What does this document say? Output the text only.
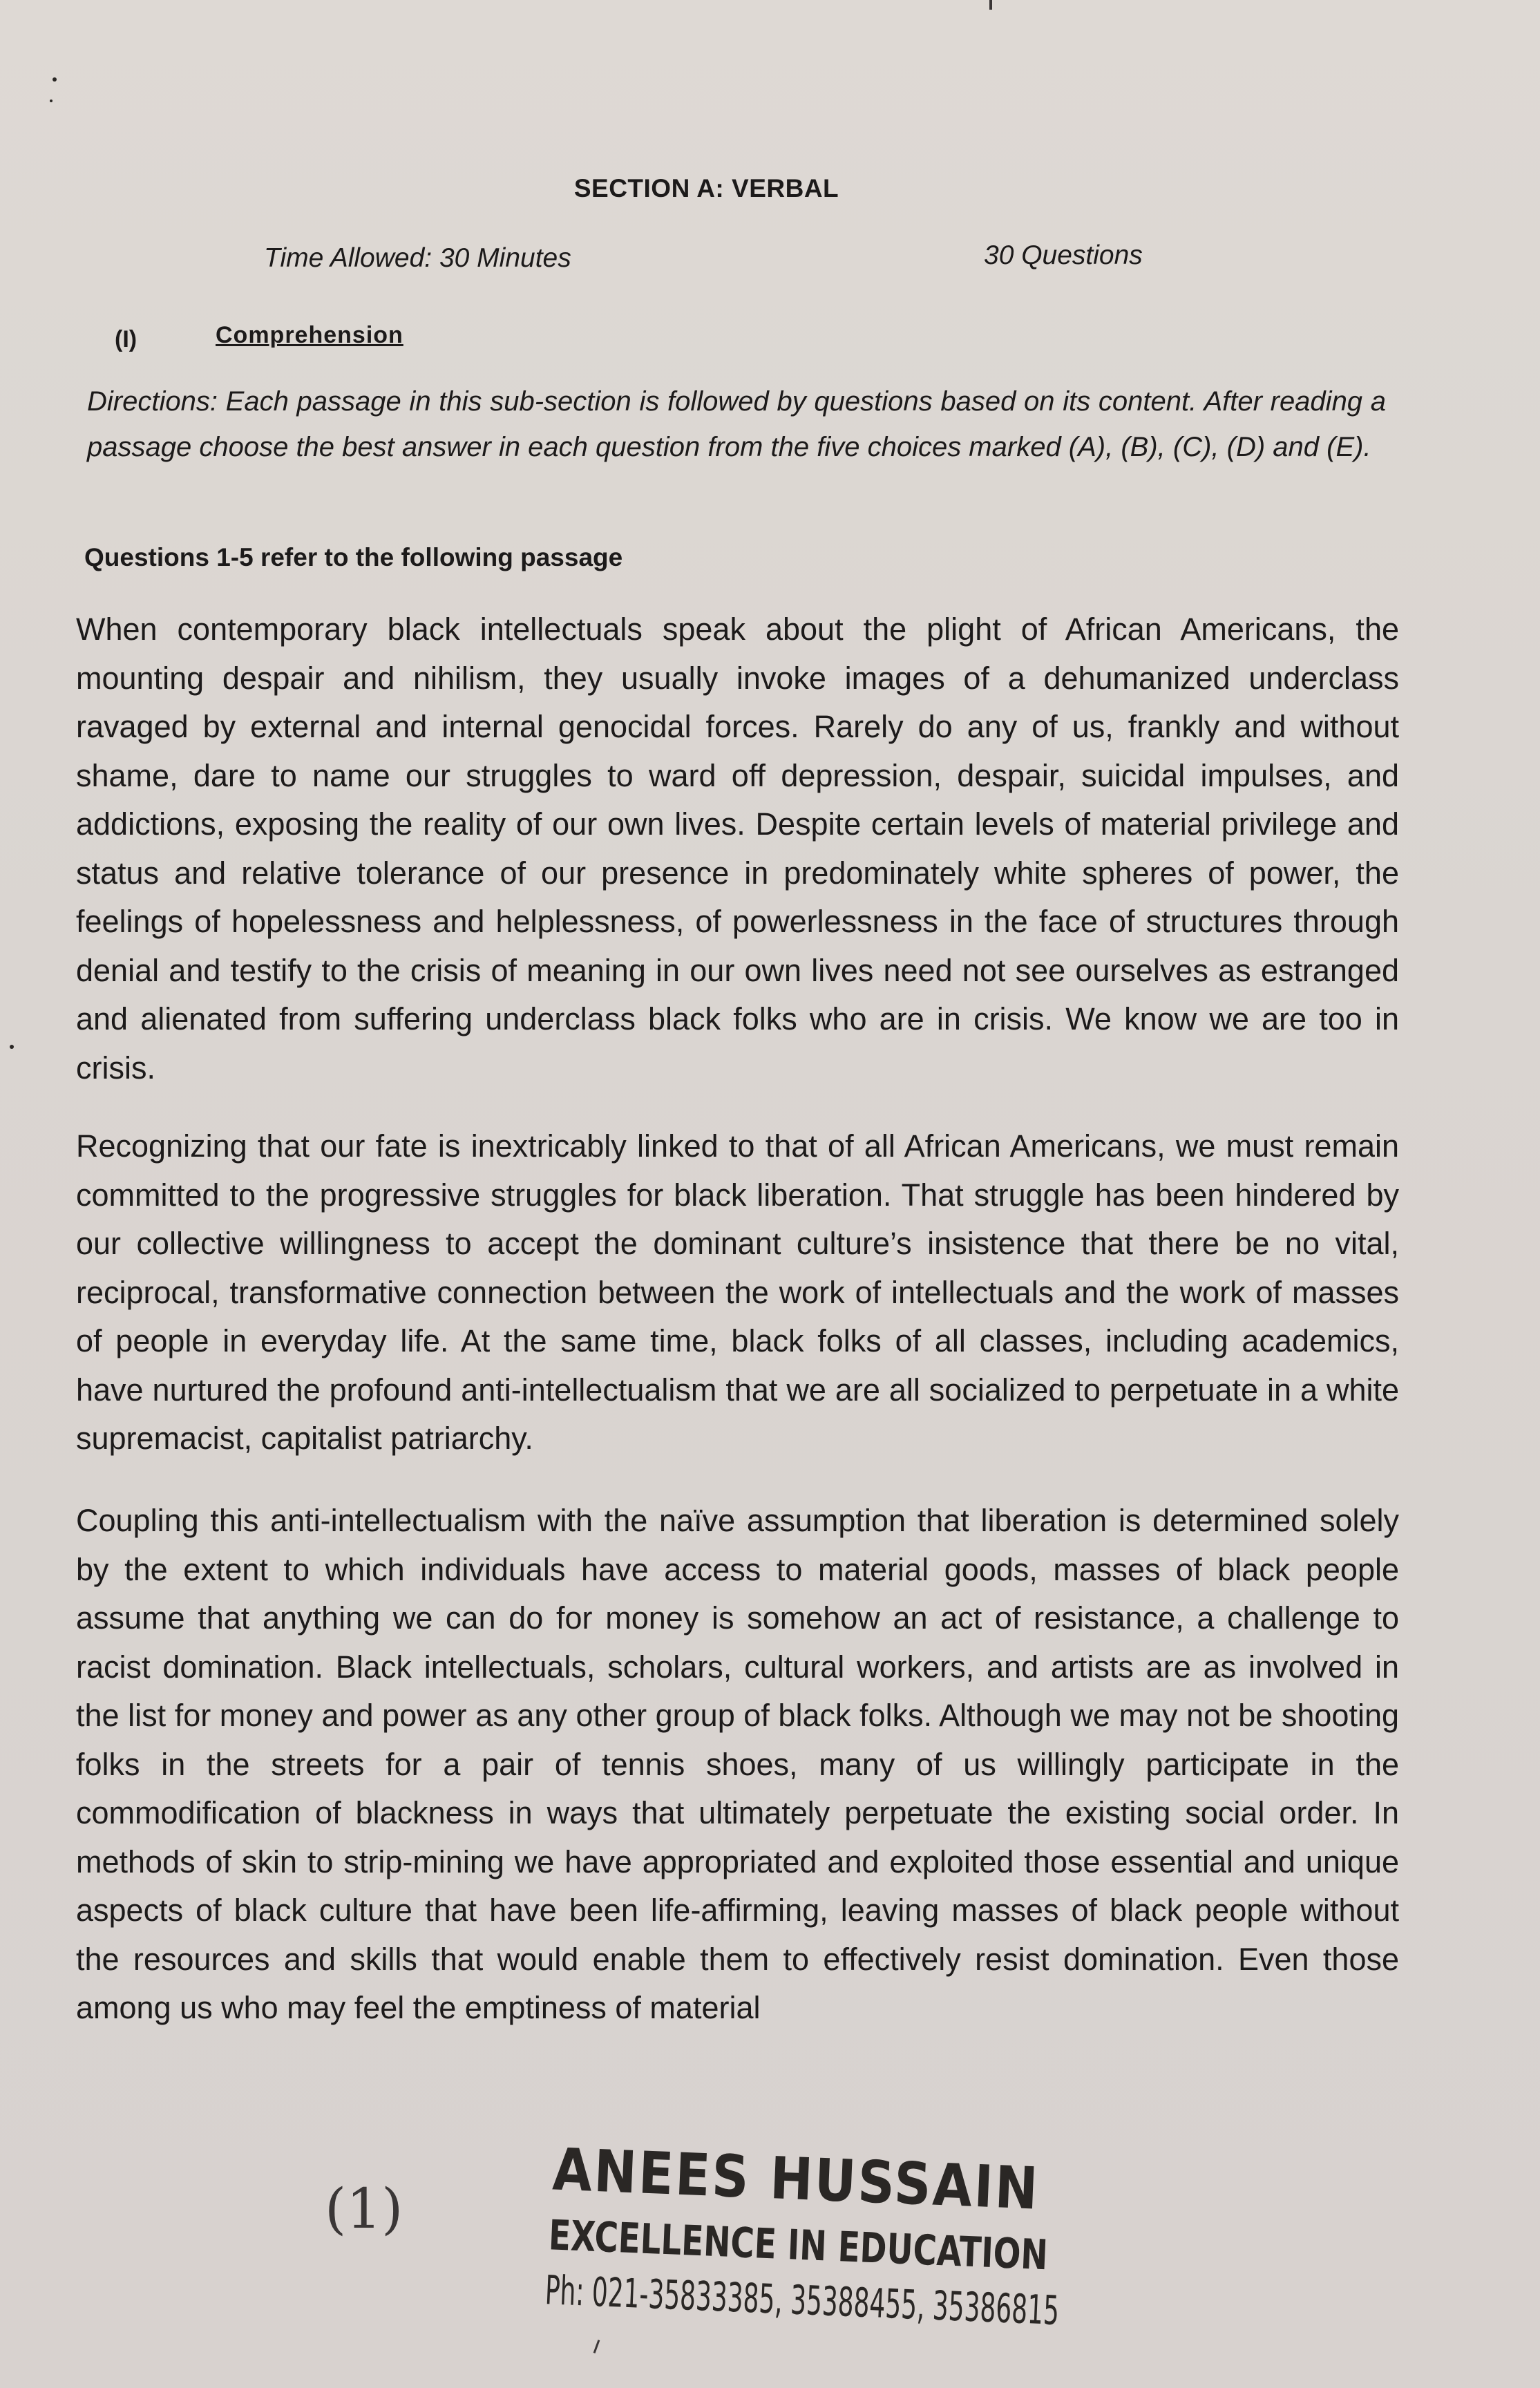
SECTION A: VERBAL
Time Allowed: 30 Minutes	30 Questions
(I)	Comprehension
Directions: Each passage in this sub-section is followed by questions based on its content. After reading a passage choose the best answer in each question from the five choices marked (A), (B), (C), (D) and (E).
Questions 1-5 refer to the following passage
When contemporary black intellectuals speak about the plight of African Americans, the mounting despair and nihilism, they usually invoke images of a dehumanized underclass ravaged by external and internal genocidal forces. Rarely do any of us, frankly and without shame, dare to name our struggles to ward off depression, despair, suicidal impulses, and addictions, exposing the reality of our own lives. Despite certain levels of material privilege and status and relative tolerance of our presence in predominately white spheres of power, the feelings of hopelessness and helplessness, of powerlessness in the face of structures through denial and testify to the crisis of meaning in our own lives need not see ourselves as estranged and alienated from suffering underclass black folks who are in crisis. We know we are too in crisis.
Recognizing that our fate is inextricably linked to that of all African Americans, we must remain committed to the progressive struggles for black liberation. That struggle has been hindered by our collective willingness to accept the dominant culture’s insistence that there be no vital, reciprocal, transformative connection between the work of intellectuals and the work of masses of people in everyday life. At the same time, black folks of all classes, including academics, have nurtured the profound anti-intellectualism that we are all socialized to perpetuate in a white supremacist, capitalist patriarchy.
Coupling this anti-intellectualism with the naïve assumption that liberation is determined solely by the extent to which individuals have access to material goods, masses of black people assume that anything we can do for money is somehow an act of resistance, a challenge to racist domination. Black intellectuals, scholars, cultural workers, and artists are as involved in the list for money and power as any other group of black folks. Although we may not be shooting folks in the streets for a pair of tennis shoes, many of us willingly participate in the commodification of blackness in ways that ultimately perpetuate the existing social order. In methods of skin to strip-mining we have appropriated and exploited those essential and unique aspects of black culture that have been life-affirming, leaving masses of black people without the resources and skills that would enable them to effectively resist domination. Even those among us who may feel the emptiness of material
(1)	ANEES HUSSAIN
EXCELLENCE IN EDUCATION
Ph: 021-35833385, 35388455, 35386815
